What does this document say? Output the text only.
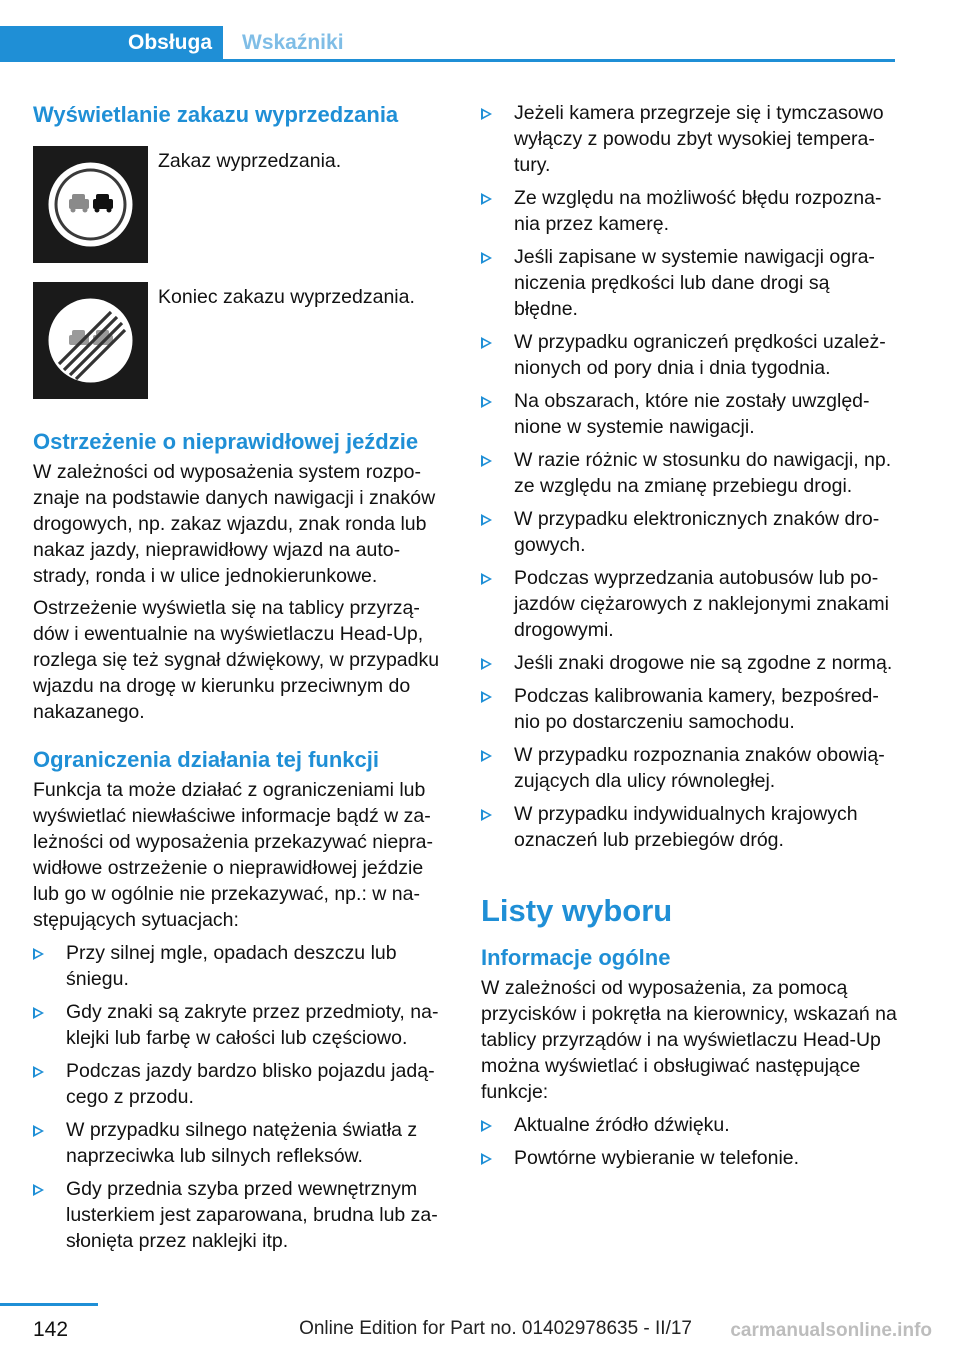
Obsługa	Wskaźniki
Wyświetlanie zakazu wyprzedzania
Zakaz wyprzedzania.
Koniec zakazu wyprzedzania.
Ostrzeżenie o nieprawidłowej jeździe

W zależności od wyposażenia system rozpoznaje na podstawie danych nawigacji i znaków drogowych, np. zakaz wjazdu, znak ronda lub nakaz jazdy, nieprawidłowy wjazd na autostrady, ronda i w ulice jednokierunkowe.

Ostrzeżenie wyświetla się na tablicy przyrządów i ewentualnie na wyświetlaczu Head-Up, rozlega się też sygnał dźwiękowy, w przypadku wjazdu na drogę w kierunku przeciwnym do nakazanego.

Ograniczenia działania tej funkcji

Funkcja ta może działać z ograniczeniami lub wyświetlać niewłaściwe informacje bądź w zależności od wyposażenia przekazywać nieprawidłowe ostrzeżenie o nieprawidłowej jeździe lub go w ogólnie nie przekazywać, np.: w następujących sytuacjach:

Przy silnej mgle, opadach deszczu lub śniegu.
Gdy znaki są zakryte przez przedmioty, naklejki lub farbę w całości lub częściowo.
Podczas jazdy bardzo blisko pojazdu jadącego z przodu.
W przypadku silnego natężenia światła z naprzeciwka lub silnych refleksów.
Gdy przednia szyba przed wewnętrznym lusterkiem jest zaparowana, brudna lub zasłonięta przez naklejki itp.
Jeżeli kamera przegrzeje się i tymczasowo wyłączy z powodu zbyt wysokiej temperatury.
Ze względu na możliwość błędu rozpoznania przez kamerę.
Jeśli zapisane w systemie nawigacji ograniczenia prędkości lub dane drogi są błędne.
W przypadku ograniczeń prędkości uzależnionych od pory dnia i dnia tygodnia.
Na obszarach, które nie zostały uwzględnione w systemie nawigacji.
W razie różnic w stosunku do nawigacji, np. ze względu na zmianę przebiegu drogi.
W przypadku elektronicznych znaków drogowych.
Podczas wyprzedzania autobusów lub pojazdów ciężarowych z naklejonymi znakami drogowymi.
Jeśli znaki drogowe nie są zgodne z normą.
Podczas kalibrowania kamery, bezpośrednio po dostarczeniu samochodu.
W przypadku rozpoznania znaków obowiązujących dla ulicy równoległej.
W przypadku indywidualnych krajowych oznaczeń lub przebiegów dróg.
Listy wyboru
Informacje ogólne

W zależności od wyposażenia, za pomocą przycisków i pokrętła na kierownicy, wskazań na tablicy przyrządów i na wyświetlaczu Head-Up można wyświetlać i obsługiwać następujące funkcje:

Aktualne źródło dźwięku.
Powtórne wybieranie w telefonie.
142	Online Edition for Part no. 01402978635 - II/17 carmanualsonline.info
